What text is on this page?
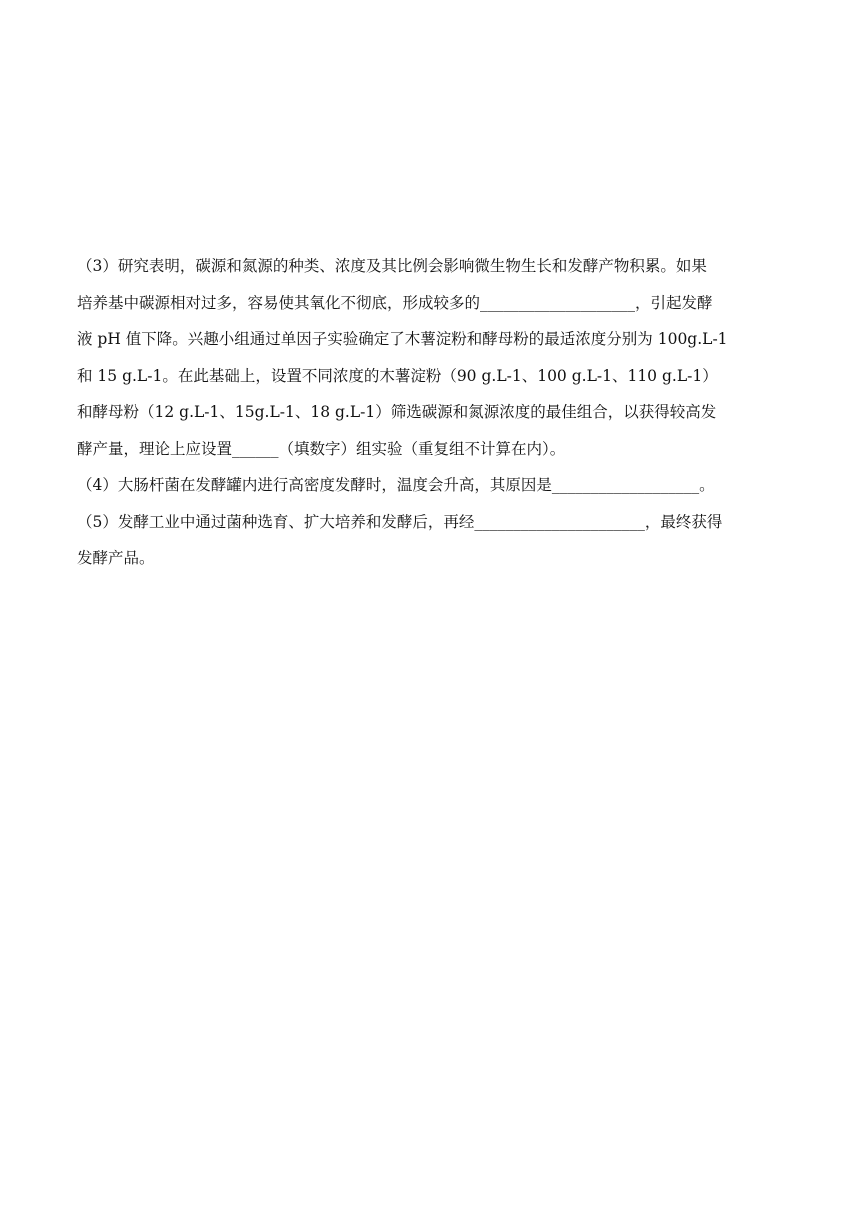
（3）研究表明，碳源和氮源的种类、浓度及其比例会影响微生物生长和发酵产物积累。如果
培养基中碳源相对过多，容易使其氧化不彻底，形成较多的____________________，引起发酵
液 pH 值下降。兴趣小组通过单因子实验确定了木薯淀粉和酵母粉的最适浓度分别为 100g.L-1
和 15 g.L-1。在此基础上，设置不同浓度的木薯淀粉（90 g.L-1、100 g.L-1、110 g.L-1）
和酵母粉（12 g.L-1、15g.L-1、18 g.L-1）筛选碳源和氮源浓度的最佳组合，以获得较高发
酵产量，理论上应设置______（填数字）组实验（重复组不计算在内）。
（4）大肠杆菌在发酵罐内进行高密度发酵时，温度会升高，其原因是___________________。
（5）发酵工业中通过菌种选育、扩大培养和发酵后，再经______________________，最终获得
发酵产品。
